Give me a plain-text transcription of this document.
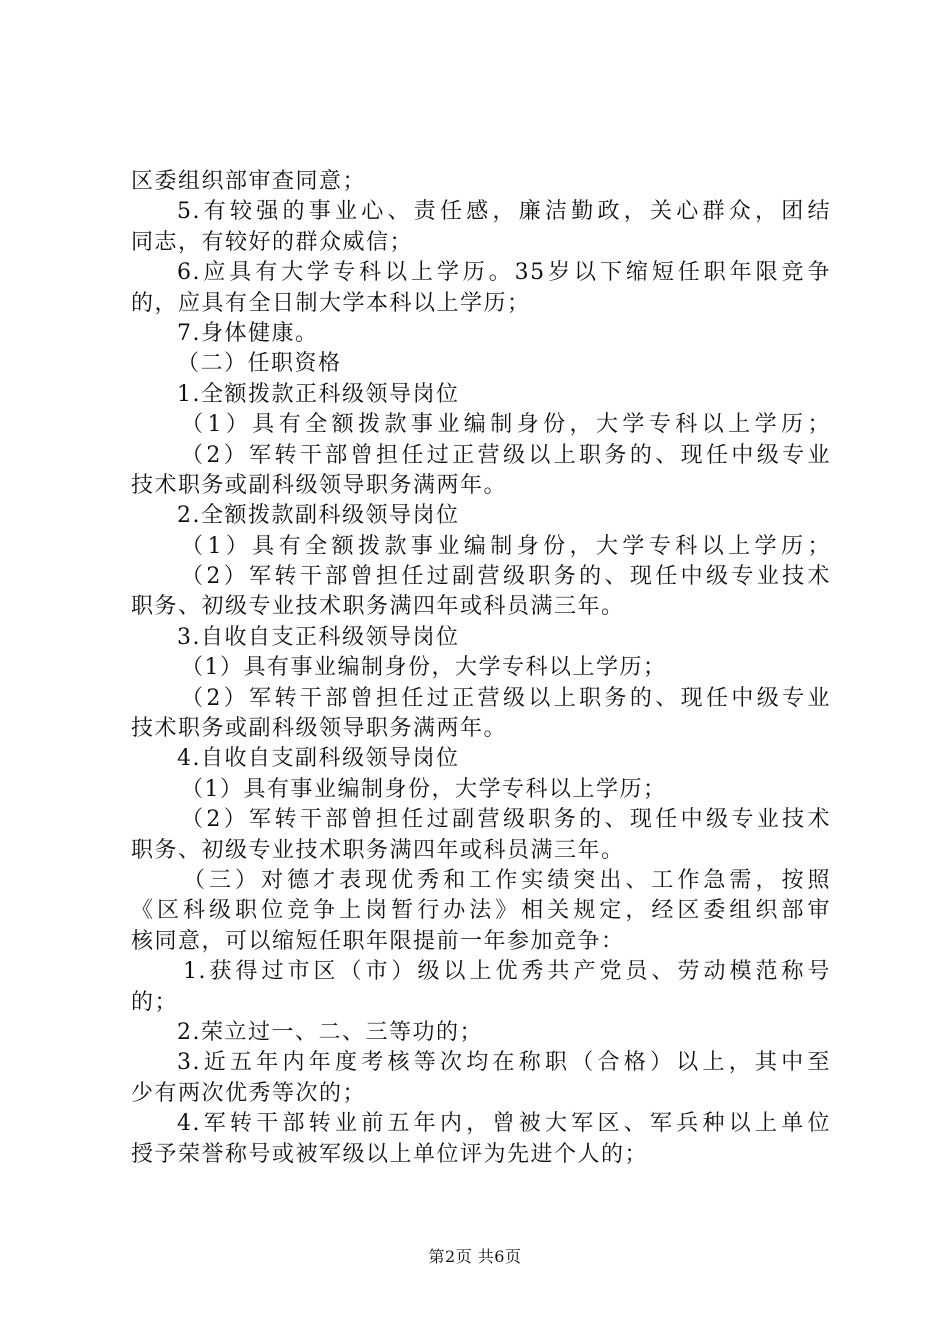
区委组织部审查同意；
5.有较强的事业心、责任感，廉洁勤政，关心群众，团结
同志，有较好的群众威信；
6.应具有大学专科以上学历。35岁以下缩短任职年限竞争
的，应具有全日制大学本科以上学历；
7.身体健康。
（二）任职资格
1.全额拨款正科级领导岗位
（1）具有全额拨款事业编制身份，大学专科以上学历；
（2）军转干部曾担任过正营级以上职务的、现任中级专业
技术职务或副科级领导职务满两年。
2.全额拨款副科级领导岗位
（1）具有全额拨款事业编制身份，大学专科以上学历；
（2）军转干部曾担任过副营级职务的、现任中级专业技术
职务、初级专业技术职务满四年或科员满三年。
3.自收自支正科级领导岗位
（1）具有事业编制身份，大学专科以上学历；
（2）军转干部曾担任过正营级以上职务的、现任中级专业
技术职务或副科级领导职务满两年。
4.自收自支副科级领导岗位
（1）具有事业编制身份，大学专科以上学历；
（2）军转干部曾担任过副营级职务的、现任中级专业技术
职务、初级专业技术职务满四年或科员满三年。
（三）对德才表现优秀和工作实绩突出、工作急需，按照
《区科级职位竞争上岗暂行办法》相关规定，经区委组织部审
核同意，可以缩短任职年限提前一年参加竞争：
1.获得过市区（市）级以上优秀共产党员、劳动模范称号
的；
2.荣立过一、二、三等功的；
3.近五年内年度考核等次均在称职（合格）以上，其中至
少有两次优秀等次的；
4.军转干部转业前五年内，曾被大军区、军兵种以上单位
授予荣誉称号或被军级以上单位评为先进个人的；
第2页 共6页
